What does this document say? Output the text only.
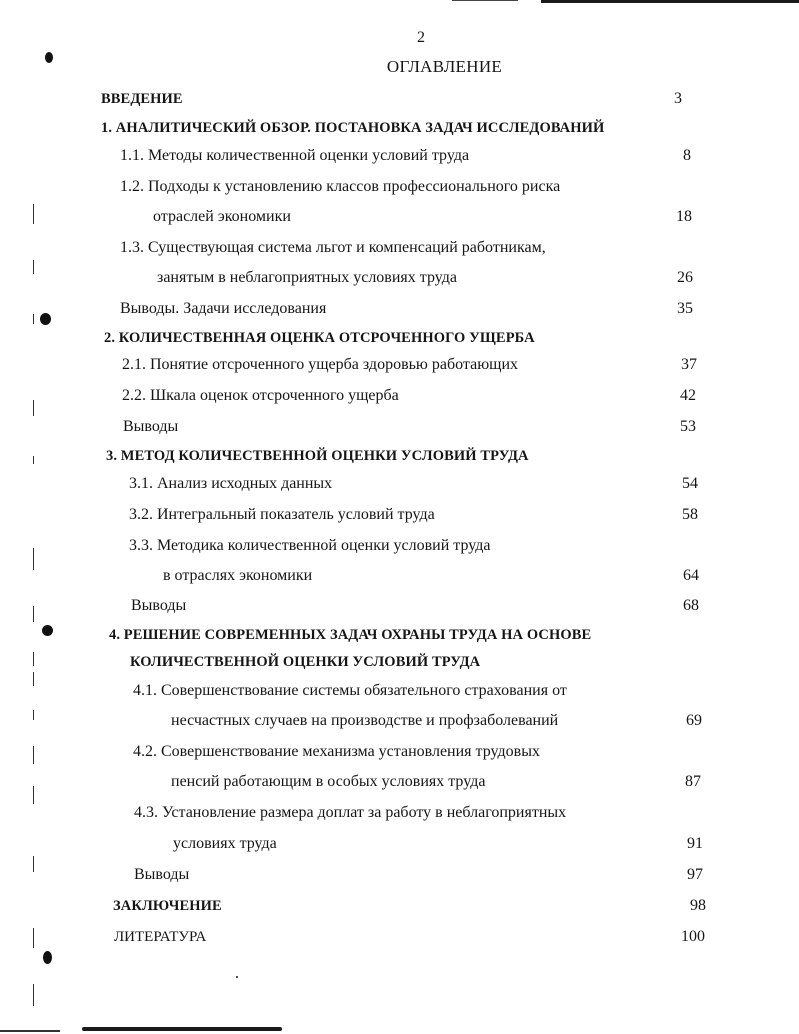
2
ОГЛАВЛЕНИЕ
ВВЕДЕНИЕ	3
1. АНАЛИТИЧЕСКИЙ ОБЗОР. ПОСТАНОВКА ЗАДАЧ ИССЛЕДОВАНИЙ
1.1. Методы количественной оценки условий труда	8
1.2. Подходы к установлению классов профессионального риска
отраслей экономики	18
1.3. Существующая система льгот и компенсаций работникам,
занятым в неблагоприятных условиях труда	26
Выводы. Задачи исследования	35
2. КОЛИЧЕСТВЕННАЯ ОЦЕНКА ОТСРОЧЕННОГО УЩЕРБА
2.1. Понятие отсроченного ущерба здоровью работающих	37
2.2. Шкала оценок отсроченного ущерба	42
Выводы	53
3. МЕТОД КОЛИЧЕСТВЕННОЙ ОЦЕНКИ УСЛОВИЙ ТРУДА
3.1. Анализ исходных данных	54
3.2. Интегральный показатель условий труда	58
3.3. Методика количественной оценки условий труда
в отраслях экономики	64
Выводы	68
4. РЕШЕНИЕ СОВРЕМЕННЫХ ЗАДАЧ ОХРАНЫ ТРУДА НА ОСНОВЕ
КОЛИЧЕСТВЕННОЙ ОЦЕНКИ УСЛОВИЙ ТРУДА
4.1. Совершенствование системы обязательного страхования от
несчастных случаев на производстве и профзаболеваний	69
4.2. Совершенствование механизма установления трудовых
пенсий работающим в особых условиях труда	87
4.3. Установление размера доплат за работу в неблагоприятных
условиях труда	91
Выводы	97
ЗАКЛЮЧЕНИЕ	98
ЛИТЕРАТУРА	100
